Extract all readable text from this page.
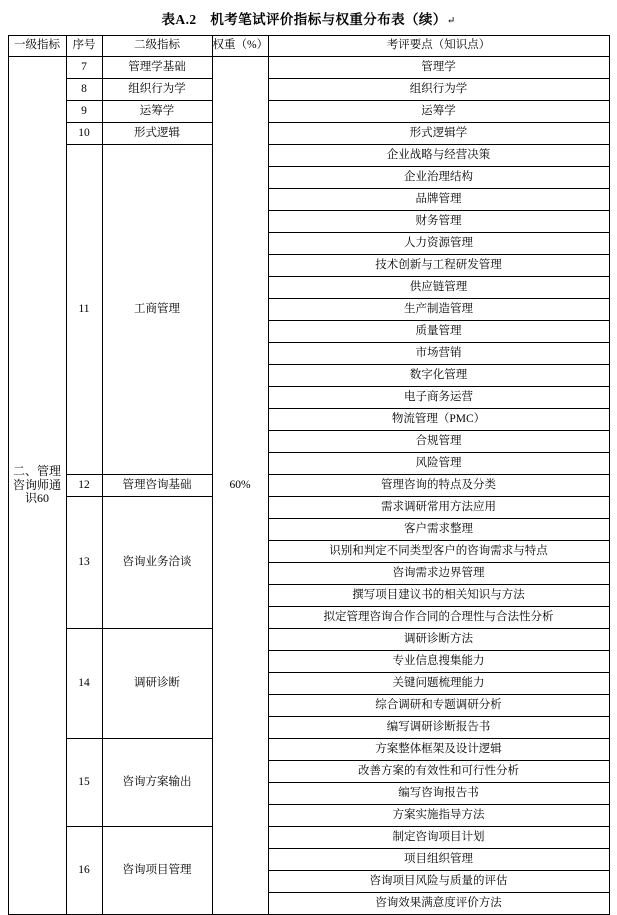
表A.2　机考笔试评价指标与权重分布表（续）↵
一级指标	序号	二级指标	权重（%）	考评要点（知识点）
二、管理咨询师通识60	7	管理学基础	60%	管理学
	8	组织行为学		组织行为学
	9	运筹学		运筹学
	10	形式逻辑		形式逻辑学
	11	工商管理		企业战略与经营决策
				企业治理结构
				品牌管理
				财务管理
				人力资源管理
				技术创新与工程研发管理
				供应链管理
				生产制造管理
				质量管理
				市场营销
				数字化管理
				电子商务运营
				物流管理（PMC）
				合规管理
				风险管理
	12	管理咨询基础		管理咨询的特点及分类
	13	咨询业务洽谈		需求调研常用方法应用
				客户需求整理
				识别和判定不同类型客户的咨询需求与特点
				咨询需求边界管理
				撰写项目建议书的相关知识与方法
				拟定管理咨询合作合同的合理性与合法性分析
	14	调研诊断		调研诊断方法
				专业信息搜集能力
				关键问题梳理能力
				综合调研和专题调研分析
				编写调研诊断报告书
	15	咨询方案输出		方案整体框架及设计逻辑
				改善方案的有效性和可行性分析
				编写咨询报告书
				方案实施指导方法
	16	咨询项目管理		制定咨询项目计划
				项目组织管理
				咨询项目风险与质量的评估
				咨询效果满意度评价方法
